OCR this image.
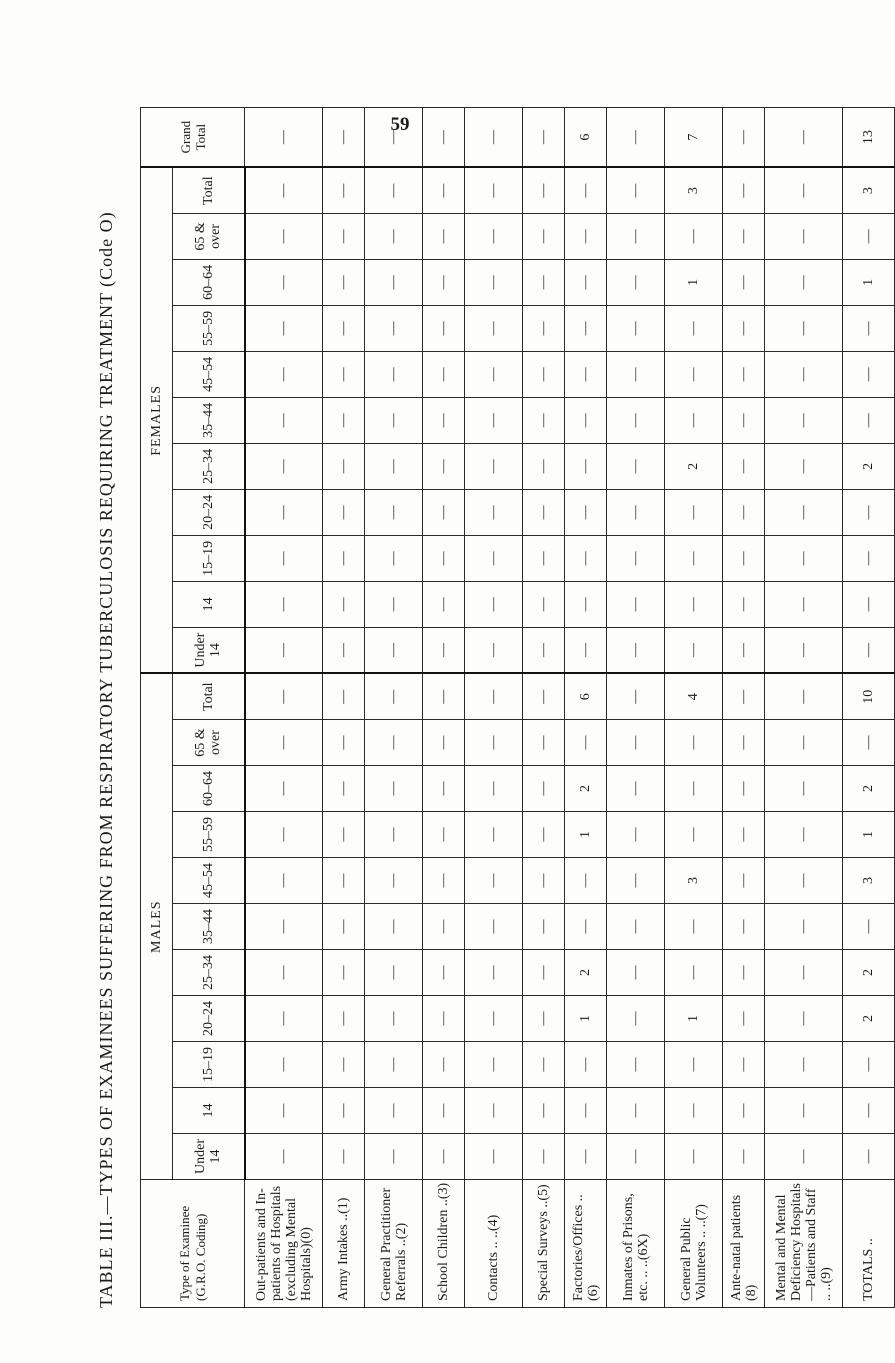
59
TABLE III.—TYPES OF EXAMINEES SUFFERING FROM RESPIRATORY TUBERCULOSIS REQUIRING TREATMENT (Code O)	Type of Examinee (G.R.O. Coding)	MALES											FEMALES											Grand Total
	Under 14	14	15–19	20–24	25–34	35–44	45–54	55–59	60–64	65 & over	Total	Under 14	14	15–19	20–24	25–34	35–44	45–54	55–59	60–64	65 & over	Total	
Out-patients and In-patients of Hospitals (excluding Mental Hospitals)(0)	—	—	—	—	—	—	—	—	—	—	—	—	—	—	—	—	—	—	—	—	—	—	—
Army Intakes ..(1)	—	—	—	—	—	—	—	—	—	—	—	—	—	—	—	—	—	—	—	—	—	—	—
General Practitioner Referrals ..(2)	—	—	—	—	—	—	—	—	—	—	—	—	—	—	—	—	—	—	—	—	—	—	—
School Children ..(3)	—	—	—	—	—	—	—	—	—	—	—	—	—	—	—	—	—	—	—	—	—	—	—
Contacts .. ..(4)	—	—	—	—	—	—	—	—	—	—	—	—	—	—	—	—	—	—	—	—	—	—	—
Special Surveys ..(5)	—	—	—	—	—	—	—	—	—	—	—	—	—	—	—	—	—	—	—	—	—	—	—
Factories/Offices ..(6)	—	—	—	1	2	—	—	1	2	—	6	—	—	—	—	—	—	—	—	—	—	—	6
Inmates of Prisons, etc. .. ..(6X)	—	—	—	—	—	—	—	—	—	—	—	—	—	—	—	—	—	—	—	—	—	—	—
General Public Volunteers .. ..(7)	—	—	—	1	—	—	3	—	—	—	4	—	—	—	—	2	—	—	—	1	—	3	7
Ante-natal patients (8)	—	—	—	—	—	—	—	—	—	—	—	—	—	—	—	—	—	—	—	—	—	—	—
Mental and Mental Deficiency Hospitals—Patients and Staff .. ..(9)	—	—	—	—	—	—	—	—	—	—	—	—	—	—	—	—	—	—	—	—	—	—	—
TOTALS ..	—	—	—	2	2	—	3	1	2	—	10	—	—	—	—	2	—	—	—	1	—	3	13
